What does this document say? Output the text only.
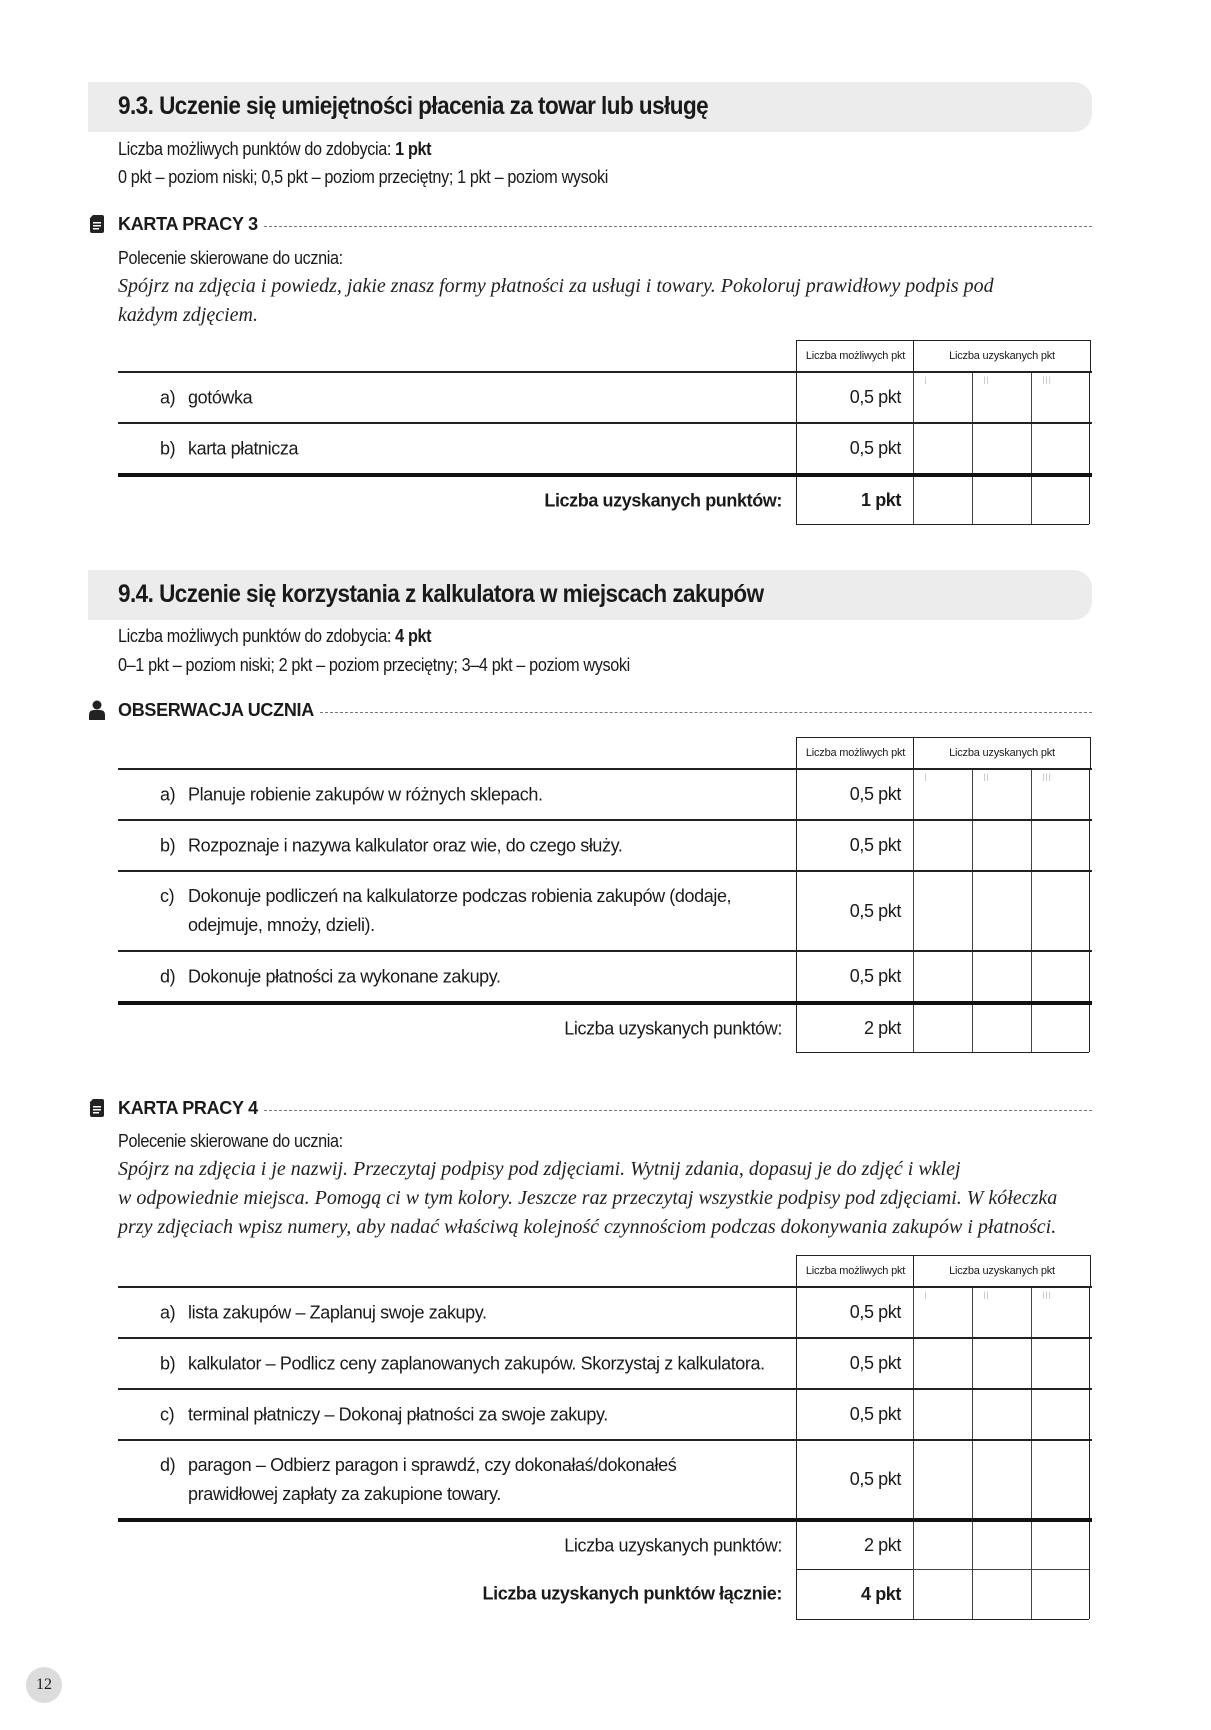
9.3. Uczenie się umiejętności płacenia za towar lub usługę
Liczba możliwych punktów do zdobycia: 1 pkt
0 pkt – poziom niski; 0,5 pkt – poziom przeciętny; 1 pkt – poziom wysoki
KARTA PRACY 3
Polecenie skierowane do ucznia:
Spójrz na zdjęcia i powiedz, jakie znasz formy płatności za usługi i towary. Pokoloruj prawidłowy podpis pod
każdym zdjęciem.
Liczba możliwych pkt	Liczba uzyskanych pkt
a) gotówka	0,5 pkt
I	II	III
b) karta płatnicza	0,5 pkt
Liczba uzyskanych punktów:	1 pkt
9.4. Uczenie się korzystania z kalkulatora w miejscach zakupów
Liczba możliwych punktów do zdobycia: 4 pkt
0–1 pkt – poziom niski; 2 pkt – poziom przeciętny; 3–4 pkt – poziom wysoki
OBSERWACJA UCZNIA
Liczba możliwych pkt	Liczba uzyskanych pkt
a) Planuje robienie zakupów w różnych sklepach.	0,5 pkt
I	II	III
b) Rozpoznaje i nazywa kalkulator oraz wie, do czego służy.	0,5 pkt
c) Dokonuje podliczeń na kalkulatorze podczas robienia zakupów (dodaje, odejmuje, mnoży, dzieli).
0,5 pkt
d) Dokonuje płatności za wykonane zakupy.	0,5 pkt
Liczba uzyskanych punktów:	2 pkt
KARTA PRACY 4
Polecenie skierowane do ucznia:
Spójrz na zdjęcia i je nazwij. Przeczytaj podpisy pod zdjęciami. Wytnij zdania, dopasuj je do zdjęć i wklej
w odpowiednie miejsca. Pomogą ci w tym kolory. Jeszcze raz przeczytaj wszystkie podpisy pod zdjęciami. W kółeczka
przy zdjęciach wpisz numery, aby nadać właściwą kolejność czynnościom podczas dokonywania zakupów i płatności.
Liczba możliwych pkt	Liczba uzyskanych pkt
a) lista zakupów – Zaplanuj swoje zakupy.	0,5 pkt
I	II	III
b) kalkulator – Podlicz ceny zaplanowanych zakupów. Skorzystaj z kalkulatora.	0,5 pkt
c) terminal płatniczy – Dokonaj płatności za swoje zakupy.	0,5 pkt
d) paragon – Odbierz paragon i sprawdź, czy dokonałaś/dokonałeś prawidłowej zapłaty za zakupione towary.
0,5 pkt
Liczba uzyskanych punktów:	2 pkt
Liczba uzyskanych punktów łącznie:	4 pkt
12
